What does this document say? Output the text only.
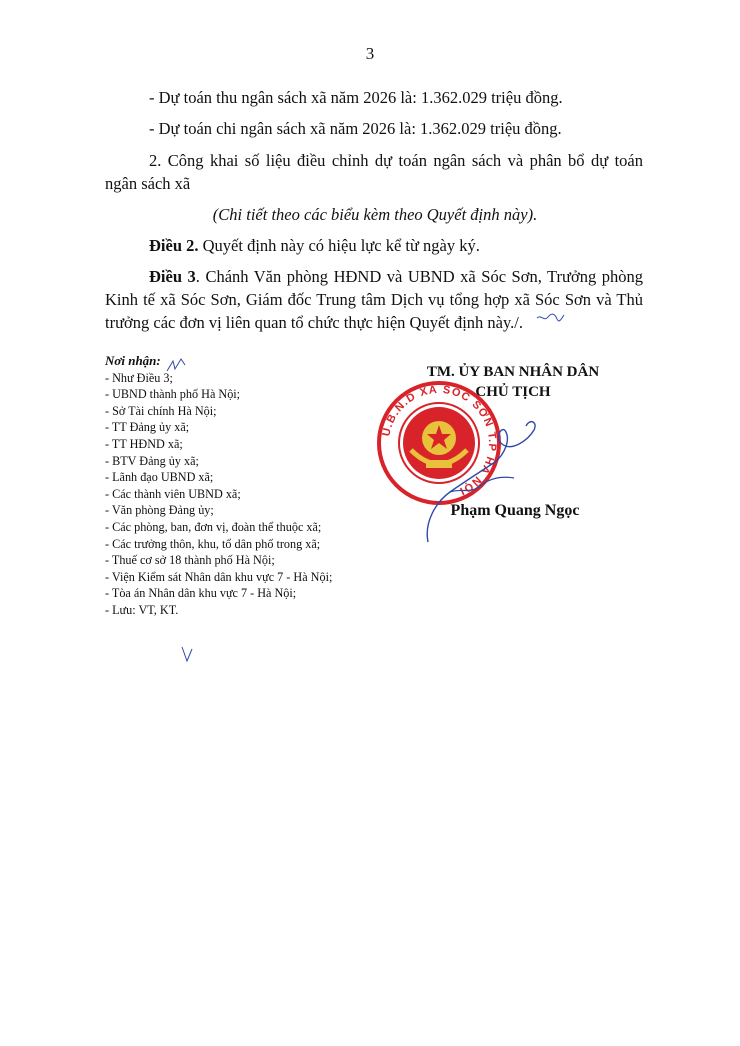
3
- Dự toán thu ngân sách xã năm 2026 là: 1.362.029 triệu đồng.
- Dự toán chi ngân sách xã năm 2026 là: 1.362.029 triệu đồng.
2. Công khai số liệu điều chỉnh dự toán ngân sách và phân bổ dự toán ngân sách xã
(Chi tiết theo các biểu kèm theo Quyết định này).
Điều 2. Quyết định này có hiệu lực kể từ ngày ký.
Điều 3. Chánh Văn phòng HĐND và UBND xã Sóc Sơn, Trưởng phòng Kinh tế xã Sóc Sơn, Giám đốc Trung tâm Dịch vụ tổng hợp xã Sóc Sơn và Thủ trưởng các đơn vị liên quan tổ chức thực hiện Quyết định này./.
Nơi nhận:
- Như Điều 3;
- UBND thành phố Hà Nội;
- Sở Tài chính Hà Nội;
- TT Đảng ủy xã;
- TT HĐND xã;
- BTV Đảng ủy xã;
- Lãnh đạo UBND xã;
- Các thành viên UBND xã;
- Văn phòng Đảng ủy;
- Các phòng, ban, đơn vị, đoàn thể thuộc xã;
- Các trưởng thôn, khu, tổ dân phố trong xã;
- Thuế cơ sở 18 thành phố Hà Nội;
- Viện Kiểm sát Nhân dân khu vực 7 - Hà Nội;
- Tòa án Nhân dân khu vực 7 - Hà Nội;
- Lưu: VT, KT.
TM. ỦY BAN NHÂN DÂN
CHỦ TỊCH
U.B.N.D XÃ SÓC SƠN T.P HÀ NỘI
Phạm Quang Ngọc
